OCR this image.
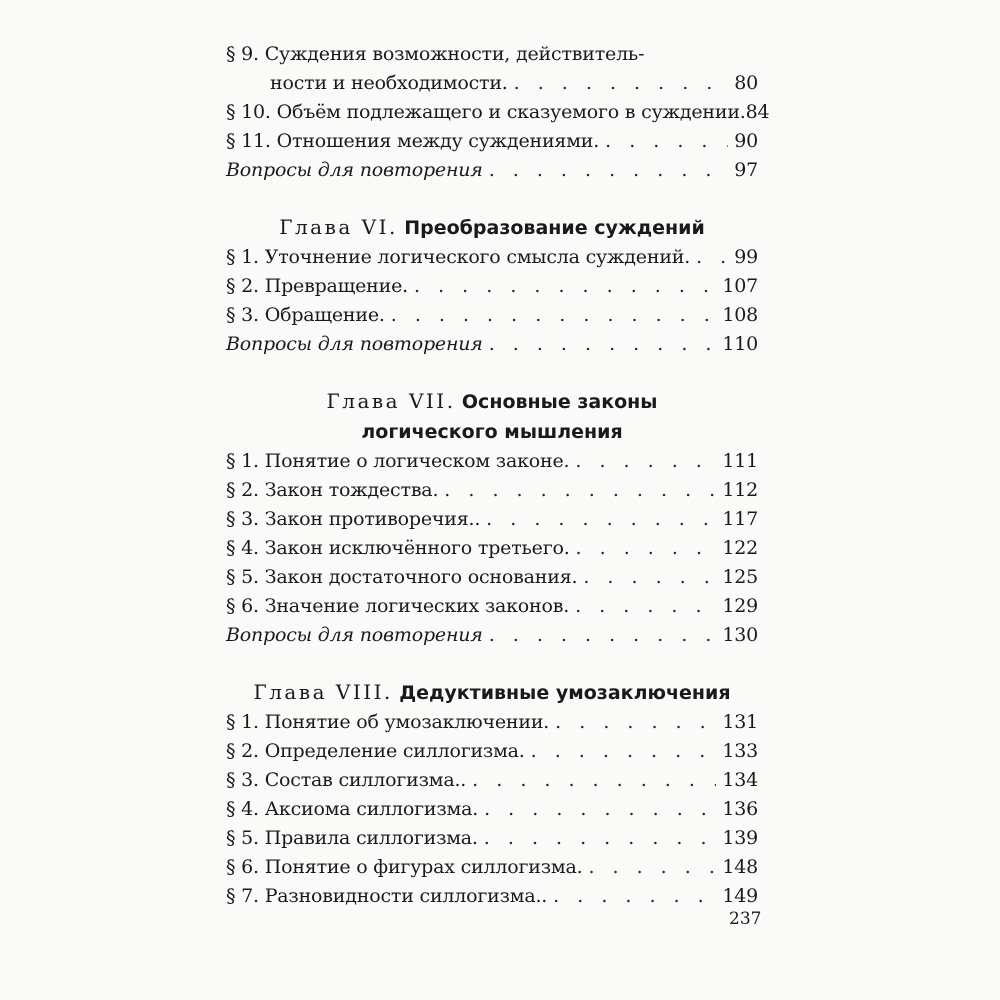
§ 9. Суждения возможности, действитель-
ности и необходимости. . . .	80
§ 10. Объём подлежащего и сказуемого в суждении. 84
§ 11. Отношения между суждениями. . . .	90
Вопросы для повторения . . .	97
Глава VI. Преобразование суждений
§ 1. Уточнение логического смысла суждений. . . . 99
§ 2. Превращение. . . .	107
§ 3. Обращение. . . .	108
Вопросы для повторения . . .	110
Глава VII. Основные законы
логического мышления
§ 1. Понятие о логическом законе. . . .	111
§ 2. Закон тождества. . . .	112
§ 3. Закон противоречия.. . . .	117
§ 4. Закон исключённого третьего. . . .	122
§ 5. Закон достаточного основания. . . .	125
§ 6. Значение логических законов. . . .	129
Вопросы для повторения . . .	130
Глава VIII. Дедуктивные умозаключения
§ 1. Понятие об умозаключении. . . .	131
§ 2. Определение силлогизма. . . .	133
§ 3. Состав силлогизма.. . . .	134
§ 4. Аксиома силлогизма. . . .	136
§ 5. Правила силлогизма. . . .	139
§ 6. Понятие о фигурах силлогизма. . . .	148
§ 7. Разновидности силлогизма.. . . .	149
237
